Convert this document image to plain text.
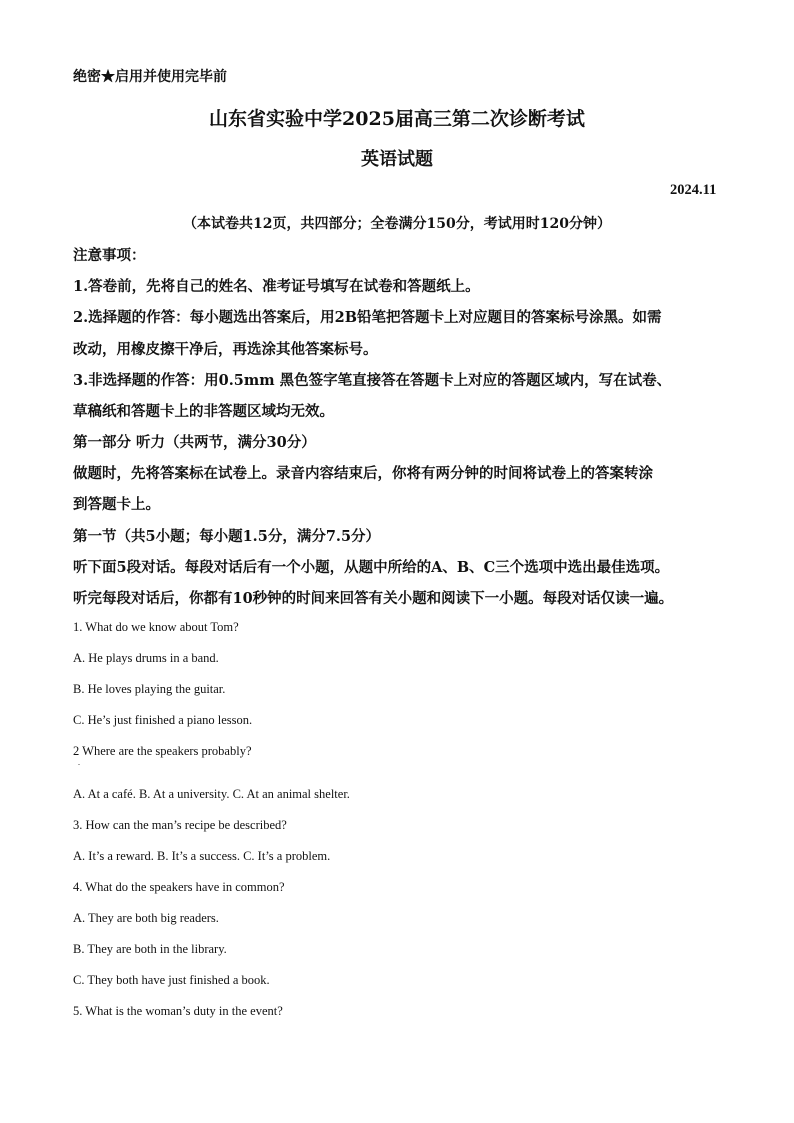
绝密★启用并使用完毕前
山东省实验中学2025届高三第二次诊断考试
英语试题
2024.11
（本试卷共12页，共四部分；全卷满分150分，考试用时120分钟）
注意事项：
1.答卷前，先将自己的姓名、准考证号填写在试卷和答题纸上。
2.选择题的作答：每小题选出答案后，用2B铅笔把答题卡上对应题目的答案标号涂黑。如需
改动，用橡皮擦干净后，再选涂其他答案标号。
3.非选择题的作答：用0.5mm 黑色签字笔直接答在答题卡上对应的答题区域内，写在试卷、
草稿纸和答题卡上的非答题区域均无效。
第一部分 听力（共两节，满分30分）
做题时，先将答案标在试卷上。录音内容结束后，你将有两分钟的时间将试卷上的答案转涂
到答题卡上。
第一节（共5小题；每小题1.5分，满分7.5分）
听下面5段对话。每段对话后有一个小题，从题中所给的A、B、C三个选项中选出最佳选项。
听完每段对话后，你都有10秒钟的时间来回答有关小题和阅读下一小题。每段对话仅读一遍。
1. What do we know about Tom?
A. He plays drums in a band.
B. He loves playing the guitar.
C. He’s just finished a piano lesson.
2 Where are the speakers probably?
.
A. At a café. B. At a university. C. At an animal shelter.
3. How can the man’s recipe be described?
A. It’s a reward. B. It’s a success. C. It’s a problem.
4. What do the speakers have in common?
A. They are both big readers.
B. They are both in the library.
C. They both have just finished a book.
5. What is the woman’s duty in the event?
